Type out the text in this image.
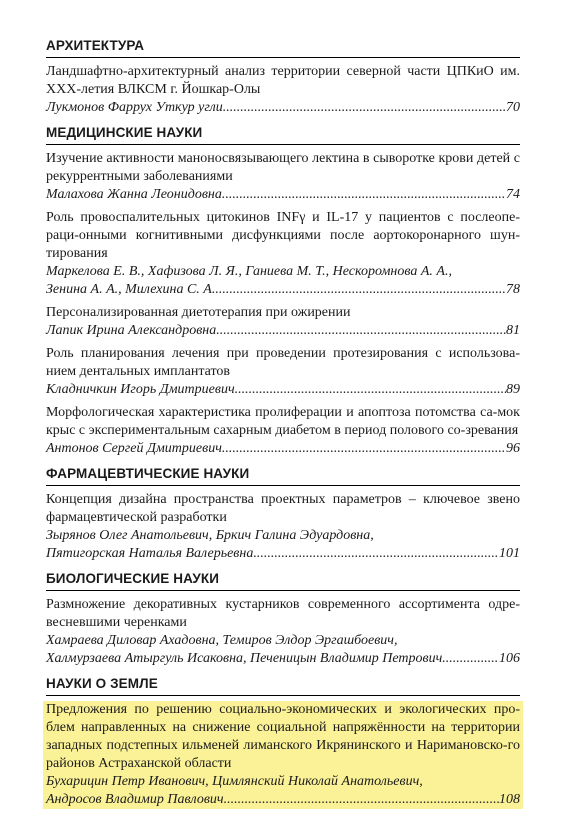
АРХИТЕКТУРА
Ландшафтно-архитектурный анализ территории северной части ЦПКиО им. XXX-летия ВЛКСМ г. Йошкар-Олы
Лукмонов Фаррух Уткур угли .....	70
МЕДИЦИНСКИЕ НАУКИ
Изучение активности маноносвязывающего лектина в сыворотке крови детей с рекуррентными заболеваниями
Малахова Жанна Леонидовна .....	74
Роль провоспалительных цитокинов INFγ и IL-17 у пациентов с послеопе-раци-онными когнитивными дисфункциями после аортокоронарного шун-тирования
Маркелова Е. В., Хафизова Л. Я., Ганиева М. Т., Нескоромнова А. А.,
Зенина А. А., Милехина С. А .....	78
Персонализированная диетотерапия при ожирении
Лапик Ирина Александровна .....	81
Роль планирования лечения при проведении протезирования с использова-нием дентальных имплантатов
Кладничкин Игорь Дмитриевич .....	89
Морфологическая характеристика пролиферации и апоптоза потомства са-мок крыс с экспериментальным сахарным диабетом в период полового со-зревания
Антонов Сергей Дмитриевич .....	96
ФАРМАЦЕВТИЧЕСКИЕ НАУКИ
Концепция дизайна пространства проектных параметров – ключевое звено фармацевтической разработки
Зырянов Олег Анатольевич, Бркич Галина Эдуардовна,
Пятигорская Наталья Валерьевна .....	101
БИОЛОГИЧЕСКИЕ НАУКИ
Размножение декоративных кустарников современного ассортимента одре-весневшими черенками
Хамраева Диловар Ахадовна, Темиров Элдор Эргашбоевич,
Халмурзаева Атыргуль Исаковна, Печеницын Владимир Петрович .....	106
НАУКИ О ЗЕМЛЕ
Предложения по решению социально-экономических и экологических про-блем направленных на снижение социальной напряжённости на территории западных подстепных ильменей лиманского Икрянинского и Наримановско-го районов Астраханской области
Бухарицин Петр Иванович, Цимлянский Николай Анатольевич,
Андросов Владимир Павлович .....	108
